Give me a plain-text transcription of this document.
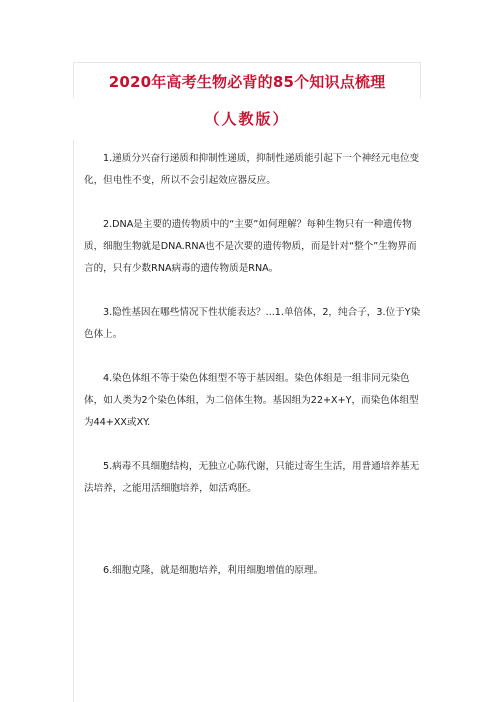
2020年高考生物必背的85个知识点梳理
（人教版）

1.递质分兴奋行递质和抑制性递质，抑制性递质能引起下一个神经元电位变化，但电性不变，所以不会引起效应器反应。

2.DNA是主要的遗传物质中的“主要”如何理解？每种生物只有一种遗传物质，细胞生物就是DNA.RNA也不是次要的遗传物质，而是针对“整个”生物界而言的，只有少数RNA病毒的遗传物质是RNA。

3.隐性基因在哪些情况下性状能表达？...1.单倍体，2，纯合子，3.位于Y染色体上。

4.染色体组不等于染色体组型不等于基因组。染色体组是一组非同元染色体，如人类为2个染色体组，为二倍体生物。基因组为22+X+Y，而染色体组型为44+XX或XY.

5.病毒不具细胞结构，无独立心陈代谢，只能过寄生生活，用普通培养基无法培养，之能用活细胞培养，如活鸡胚。

6.细胞克隆，就是细胞培养，利用细胞增值的原理。
